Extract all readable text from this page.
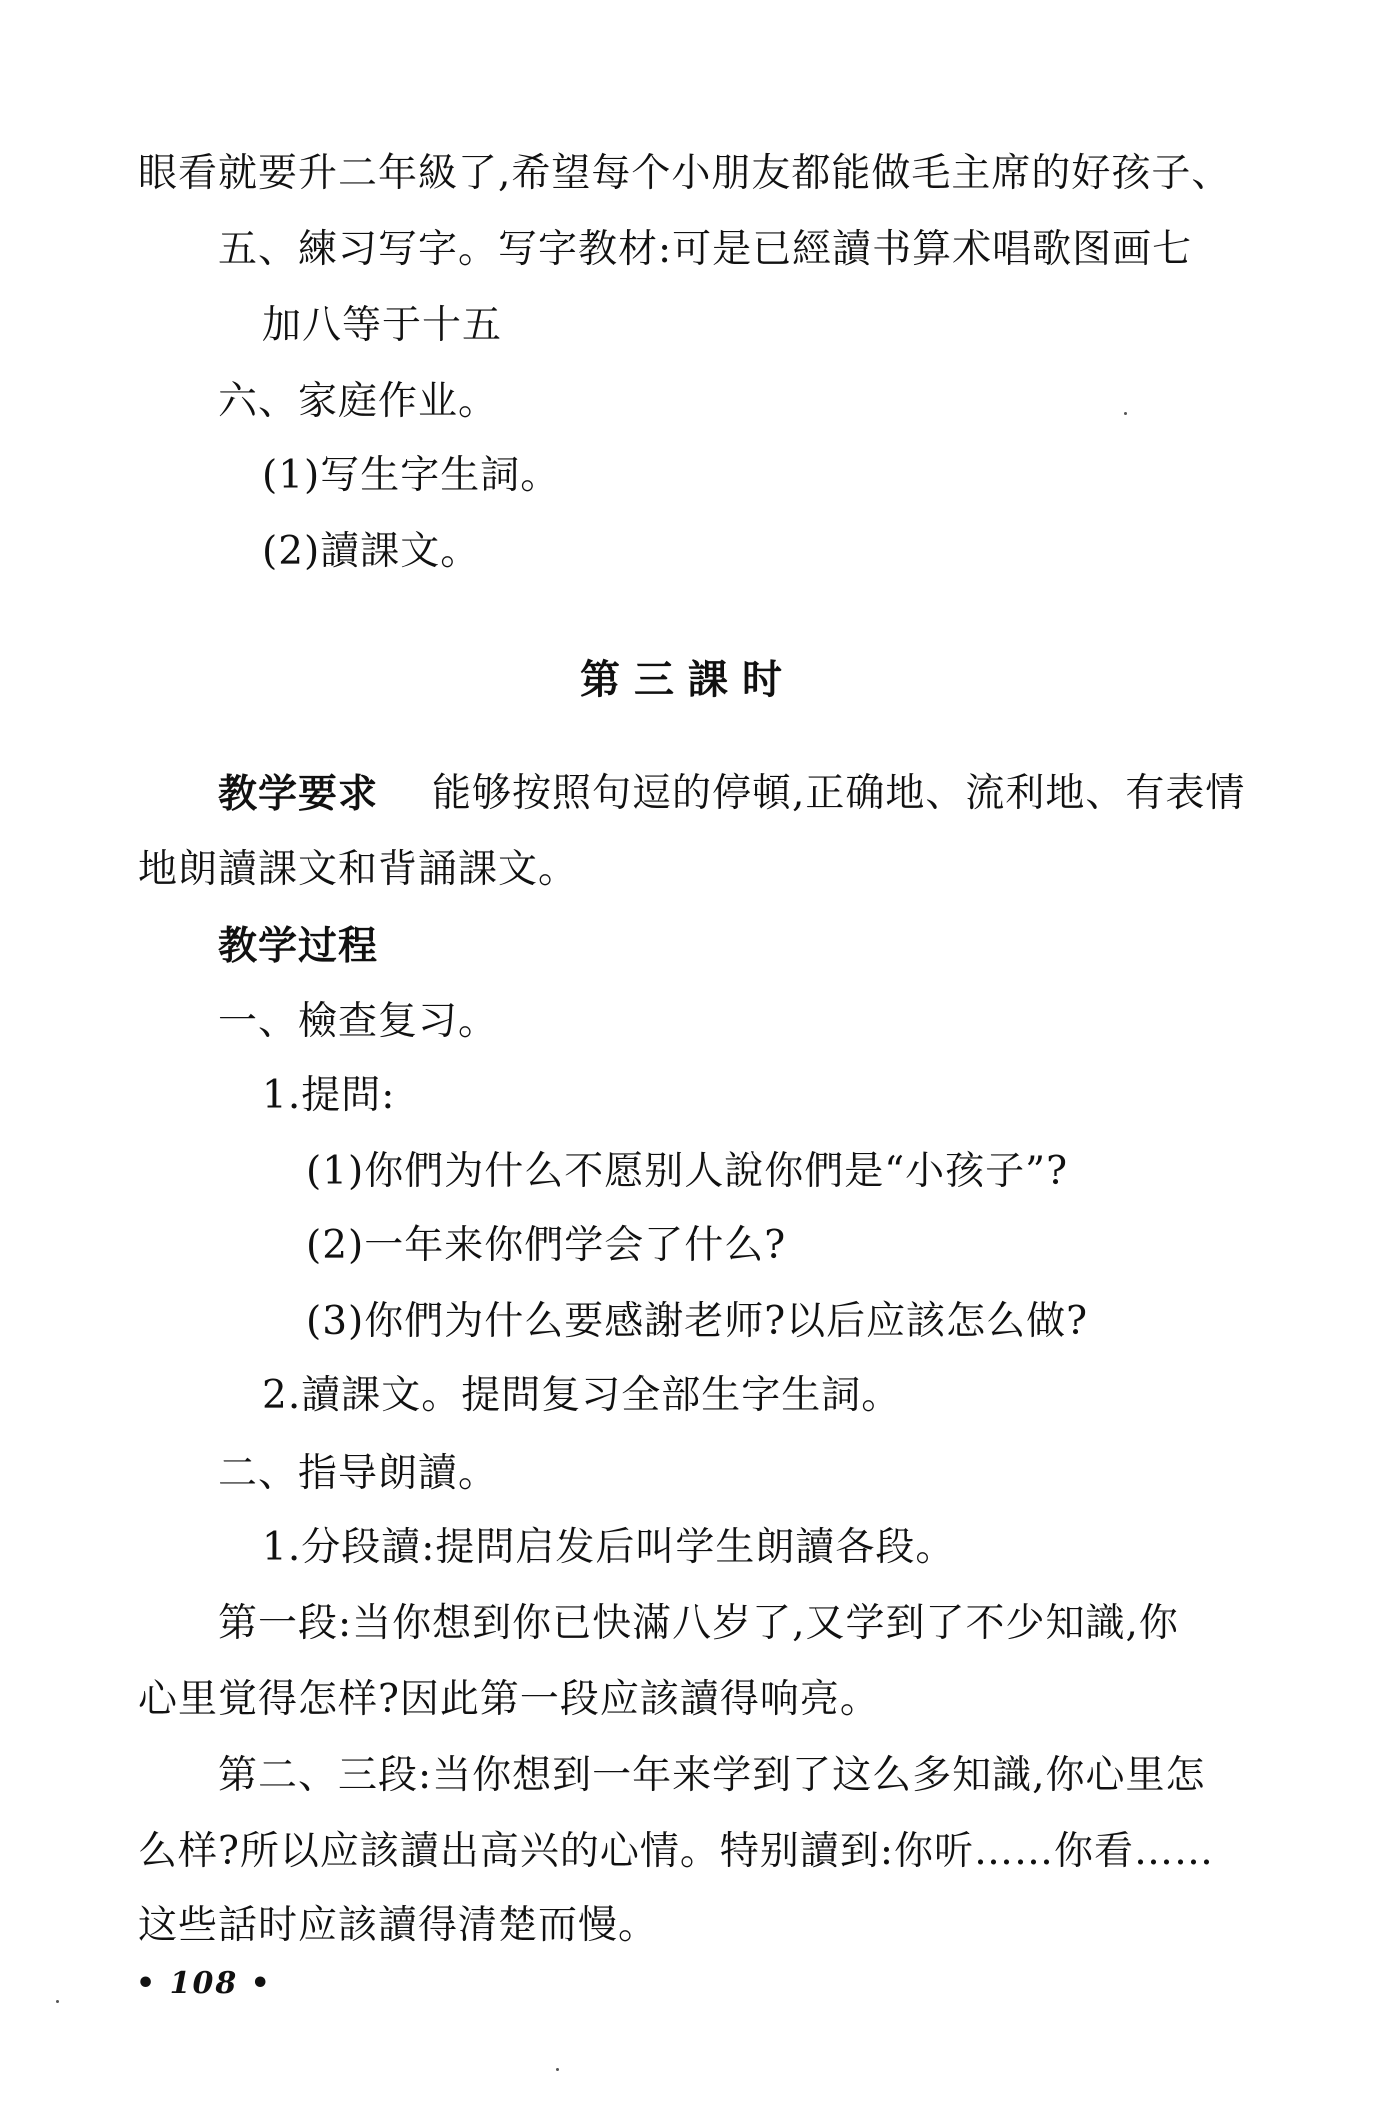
眼看就要升二年級了,希望每个小朋友都能做毛主席的好孩子、
五、練习写字。写字教材:可是已經讀书算术唱歌图画七
加八等于十五
六、家庭作业。
(1)写生字生詞。
(2)讀課文。
第三課时
教学要求 能够按照句逗的停頓,正确地、流利地、有表情
地朗讀課文和背誦課文。
教学过程
一、檢查复习。
1.提問:
(1)你們为什么不愿别人說你們是“小孩子”?
(2)一年来你們学会了什么?
(3)你們为什么要感謝老师?以后应該怎么做?
2.讀課文。提問复习全部生字生詞。
二、指导朗讀。
1.分段讀:提問启发后叫学生朗讀各段。
第一段:当你想到你已快滿八岁了,又学到了不少知識,你
心里覚得怎样?因此第一段应該讀得响亮。
第二、三段:当你想到一年来学到了这么多知識,你心里怎
么样?所以应該讀出高兴的心情。特别讀到:你听……你看……
这些話时应該讀得清楚而慢。
• 108 •
